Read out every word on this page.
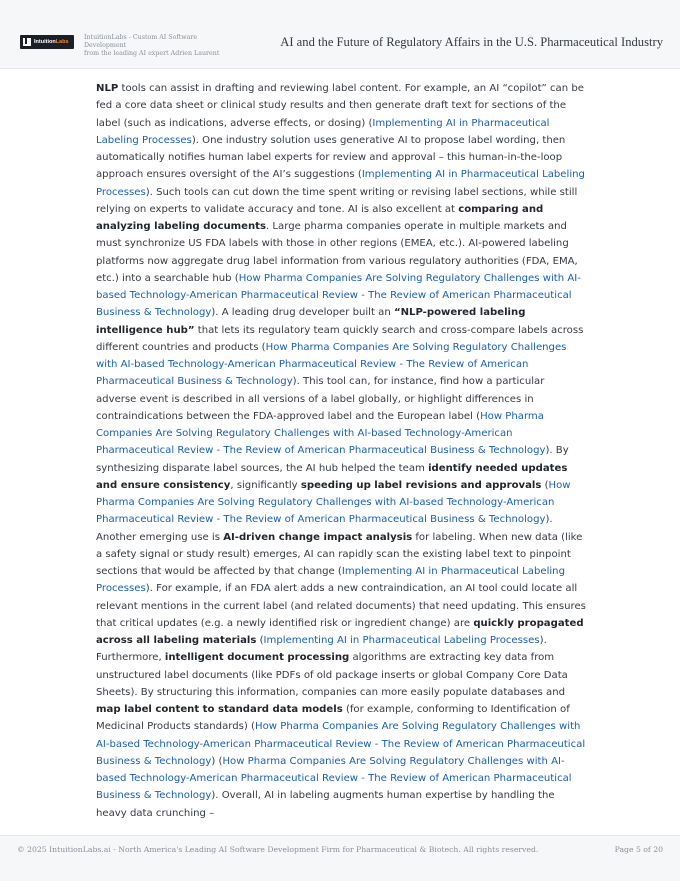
IntuitionLabs
IntuitionLabs - Custom AI Software Development
from the leading AI expert Adrien Laurent
AI and the Future of Regulatory Affairs in the U.S. Pharmaceutical Industry

NLP tools can assist in drafting and reviewing label content. For example, an AI “copilot” can be fed a core data sheet or clinical study results and then generate draft text for sections of the label (such as indications, adverse effects, or dosing) (Implementing AI in Pharmaceutical Labeling Processes). One industry solution uses generative AI to propose label wording, then automatically notifies human label experts for review and approval – this human-in-the-loop approach ensures oversight of the AI’s suggestions (Implementing AI in Pharmaceutical Labeling Processes). Such tools can cut down the time spent writing or revising label sections, while still relying on experts to validate accuracy and tone. AI is also excellent at comparing and analyzing labeling documents. Large pharma companies operate in multiple markets and must synchronize US FDA labels with those in other regions (EMEA, etc.). AI-powered labeling platforms now aggregate drug label information from various regulatory authorities (FDA, EMA, etc.) into a searchable hub (How Pharma Companies Are Solving Regulatory Challenges with AI-based Technology-American Pharmaceutical Review - The Review of American Pharmaceutical Business & Technology). A leading drug developer built an “NLP-powered labeling intelligence hub” that lets its regulatory team quickly search and cross-compare labels across different countries and products (How Pharma Companies Are Solving Regulatory Challenges with AI-based Technology-American Pharmaceutical Review - The Review of American Pharmaceutical Business & Technology). This tool can, for instance, find how a particular adverse event is described in all versions of a label globally, or highlight differences in contraindications between the FDA-approved label and the European label (How Pharma Companies Are Solving Regulatory Challenges with AI-based Technology-American Pharmaceutical Review - The Review of American Pharmaceutical Business & Technology). By synthesizing disparate label sources, the AI hub helped the team identify needed updates and ensure consistency, significantly speeding up label revisions and approvals (How Pharma Companies Are Solving Regulatory Challenges with AI-based Technology-American Pharmaceutical Review - The Review of American Pharmaceutical Business & Technology). Another emerging use is AI-driven change impact analysis for labeling. When new data (like a safety signal or study result) emerges, AI can rapidly scan the existing label text to pinpoint sections that would be affected by that change (Implementing AI in Pharmaceutical Labeling Processes). For example, if an FDA alert adds a new contraindication, an AI tool could locate all relevant mentions in the current label (and related documents) that need updating. This ensures that critical updates (e.g. a newly identified risk or ingredient change) are quickly propagated across all labeling materials (Implementing AI in Pharmaceutical Labeling Processes). Furthermore, intelligent document processing algorithms are extracting key data from unstructured label documents (like PDFs of old package inserts or global Company Core Data Sheets). By structuring this information, companies can more easily populate databases and map label content to standard data models (for example, conforming to Identification of Medicinal Products standards) (How Pharma Companies Are Solving Regulatory Challenges with AI-based Technology-American Pharmaceutical Review - The Review of American Pharmaceutical Business & Technology) (How Pharma Companies Are Solving Regulatory Challenges with AI-based Technology-American Pharmaceutical Review - The Review of American Pharmaceutical Business & Technology). Overall, AI in labeling augments human expertise by handling the heavy data crunching –

© 2025 IntuitionLabs.ai - North America's Leading AI Software Development Firm for Pharmaceutical & Biotech. All rights reserved.	Page 5 of 20
